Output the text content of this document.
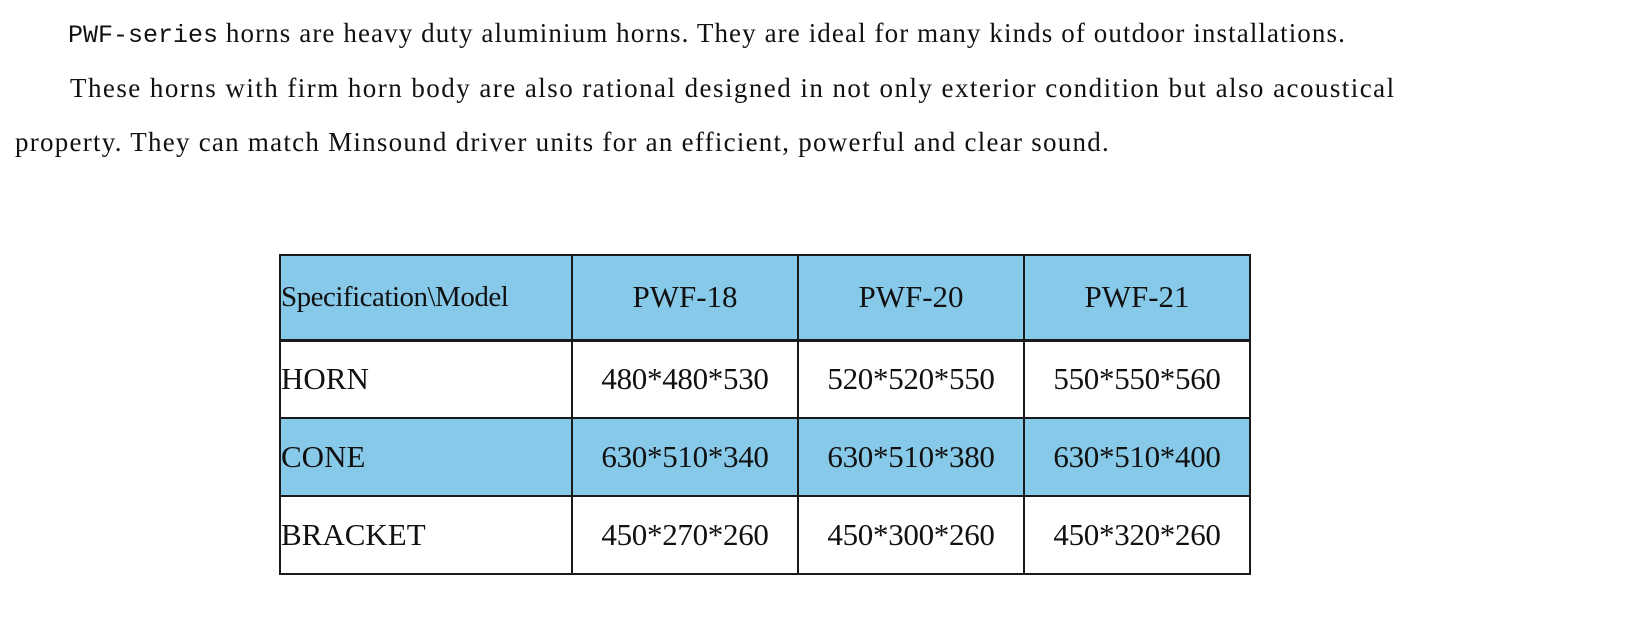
PWF-series horns are heavy duty aluminium horns. They are ideal for many kinds of outdoor installations.

These horns with firm horn body are also rational designed in not only exterior condition but also acoustical

property. They can match Minsound driver units for an efficient, powerful and clear sound.

Specification\Model	PWF-18	PWF-20	PWF-21
HORN	480*480*530	520*520*550	550*550*560
CONE	630*510*340	630*510*380	630*510*400
BRACKET	450*270*260	450*300*260	450*320*260
